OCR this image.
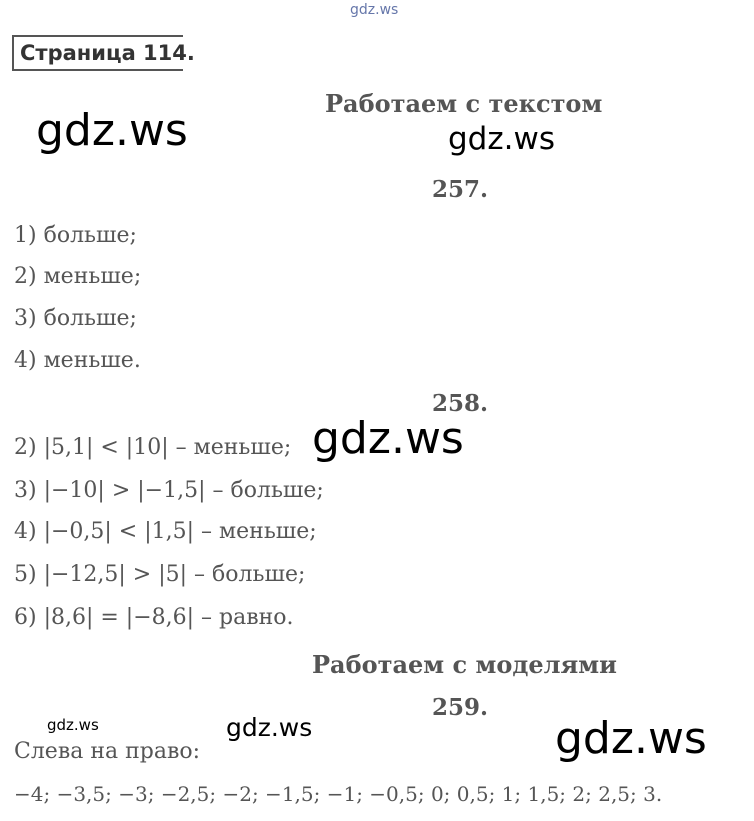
gdz.ws
Страница 114.
Работаем с текстом
gdz.ws	gdz.ws
257.
1) больше;
2) меньше;
3) больше;
4) меньше.
258.
2) |5,1| < |10| – меньше;
3) |−10| > |−1,5| – больше;
4) |−0,5| < |1,5| – меньше;
5) |−12,5| > |5| – больше;
6) |8,6| = |−8,6| – равно.
gdz.ws
Работаем с моделями
259.
gdz.ws	gdz.ws	gdz.ws
Слева на право:
−4; −3,5; −3; −2,5; −2; −1,5; −1; −0,5; 0; 0,5; 1; 1,5; 2; 2,5; 3.
